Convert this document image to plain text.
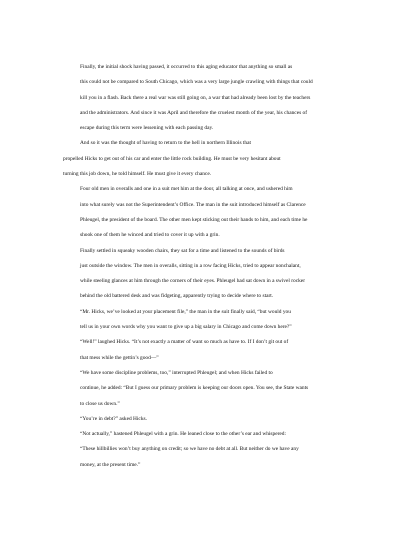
Finally, the initial shock having passed, it occurred to this aging educator that anything so small as
this could not be compared to South Chicago, which was a very large jungle crawling with things that could
kill you in a flash. Back there a real war was still going on, a war that had already been lost by the teachers
and the administrators. And since it was April and therefore the cruelest month of the year, his chances of
escape during this term were lessening with each passing day.

And so it was the thought of having to return to the hell in northern Illinois that

propelled Hicks to get out of his car and enter the little rock building. He must be very hesitant about
turning this job down, he told himself. He must give it every chance.

Four old men in overalls and one in a suit met him at the door, all talking at once, and ushered him
into what surely was not the Superintendent’s Office. The man in the suit introduced himself as Clarence
Phleugel, the president of the board. The other men kept sticking out their hands to him, and each time he
shook one of them he winced and tried to cover it up with a grin.

Finally settled in squeaky wooden chairs, they sat for a time and listened to the sounds of birds
just outside the window. The men in overalls, sitting in a row facing Hicks, tried to appear nonchalant,
while steeling glances at him through the corners of their eyes. Phleugel had sat down in a swivel rocker
behind the old battered desk and was fidgeting, apparently trying to decide where to start.

“Mr. Hicks, we’ve looked at your placement file,” the man in the suit finally said, “but would you
tell us in your own words why you want to give up a big salary in Chicago and come down here?”

“Well!” laughed Hicks. “It’s not exactly a matter of want so much as have to. If I don’t git out of
that mess while the gettin’s good—”

“We have some discipline problems, too,” interrupted Phleugel; and when Hicks failed to
continue, he added: “But I guess our primary problem is keeping our doors open. You see, the State wants
to close us down.”

“You’re in debt?” asked Hicks.

“Not actually,” hastened Phleugel with a grin. He leaned close to the other’s ear and whispered:
“These hillbillies won’t buy anything on credit; so we have no debt at all. But neither do we have any
money, at the present time.”
